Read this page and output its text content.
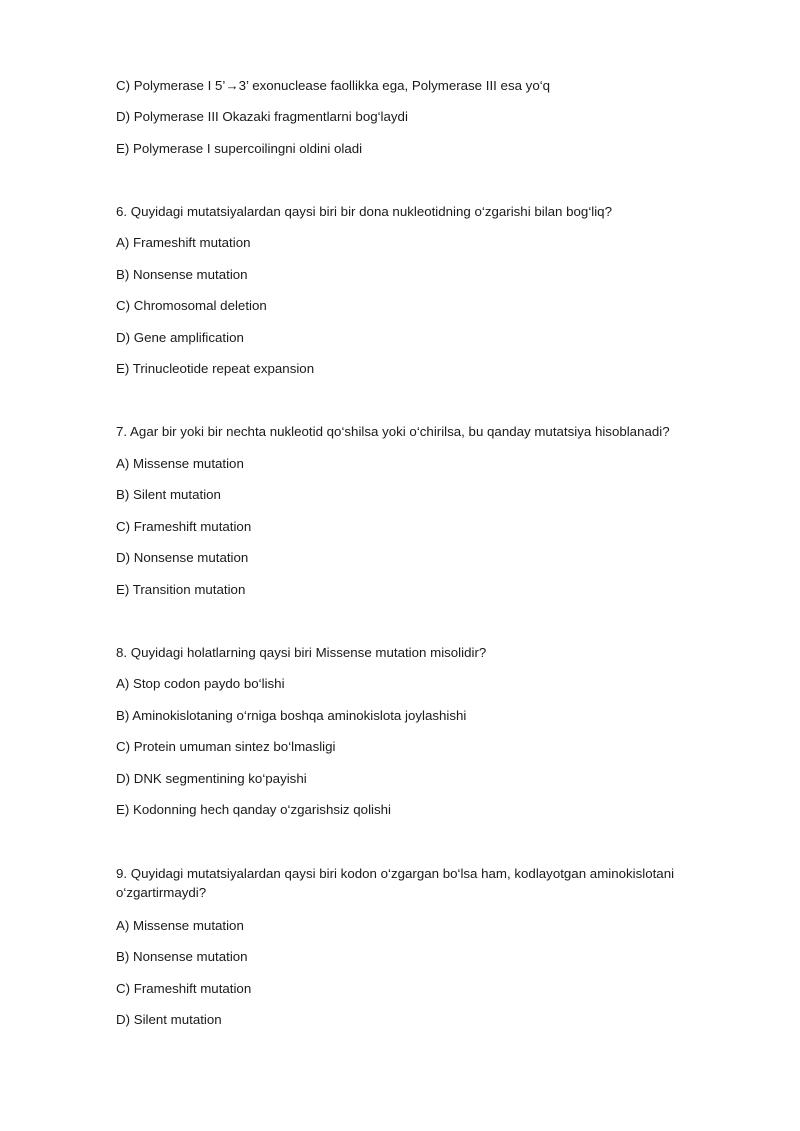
C) Polymerase I 5’→3’ exonuclease faollikka ega, Polymerase III esa yo‘q
D) Polymerase III Okazaki fragmentlarni bog‘laydi
E) Polymerase I supercoilingni oldini oladi
6. Quyidagi mutatsiyalardan qaysi biri bir dona nukleotidning o‘zgarishi bilan bog‘liq?
A) Frameshift mutation
B) Nonsense mutation
C) Chromosomal deletion
D) Gene amplification
E) Trinucleotide repeat expansion
7. Agar bir yoki bir nechta nukleotid qo‘shilsa yoki o‘chirilsa, bu qanday mutatsiya hisoblanadi?
A) Missense mutation
B) Silent mutation
C) Frameshift mutation
D) Nonsense mutation
E) Transition mutation
8. Quyidagi holatlarning qaysi biri Missense mutation misolidir?
A) Stop codon paydo bo‘lishi
B) Aminokislotaning o‘rniga boshqa aminokislota joylashishi
C) Protein umuman sintez bo‘lmasligi
D) DNK segmentining ko‘payishi
E) Kodonning hech qanday o‘zgarishsiz qolishi
9. Quyidagi mutatsiyalardan qaysi biri kodon o‘zgargan bo‘lsa ham, kodlayotgan aminokislotani o‘zgartirmaydi?
A) Missense mutation
B) Nonsense mutation
C) Frameshift mutation
D) Silent mutation
